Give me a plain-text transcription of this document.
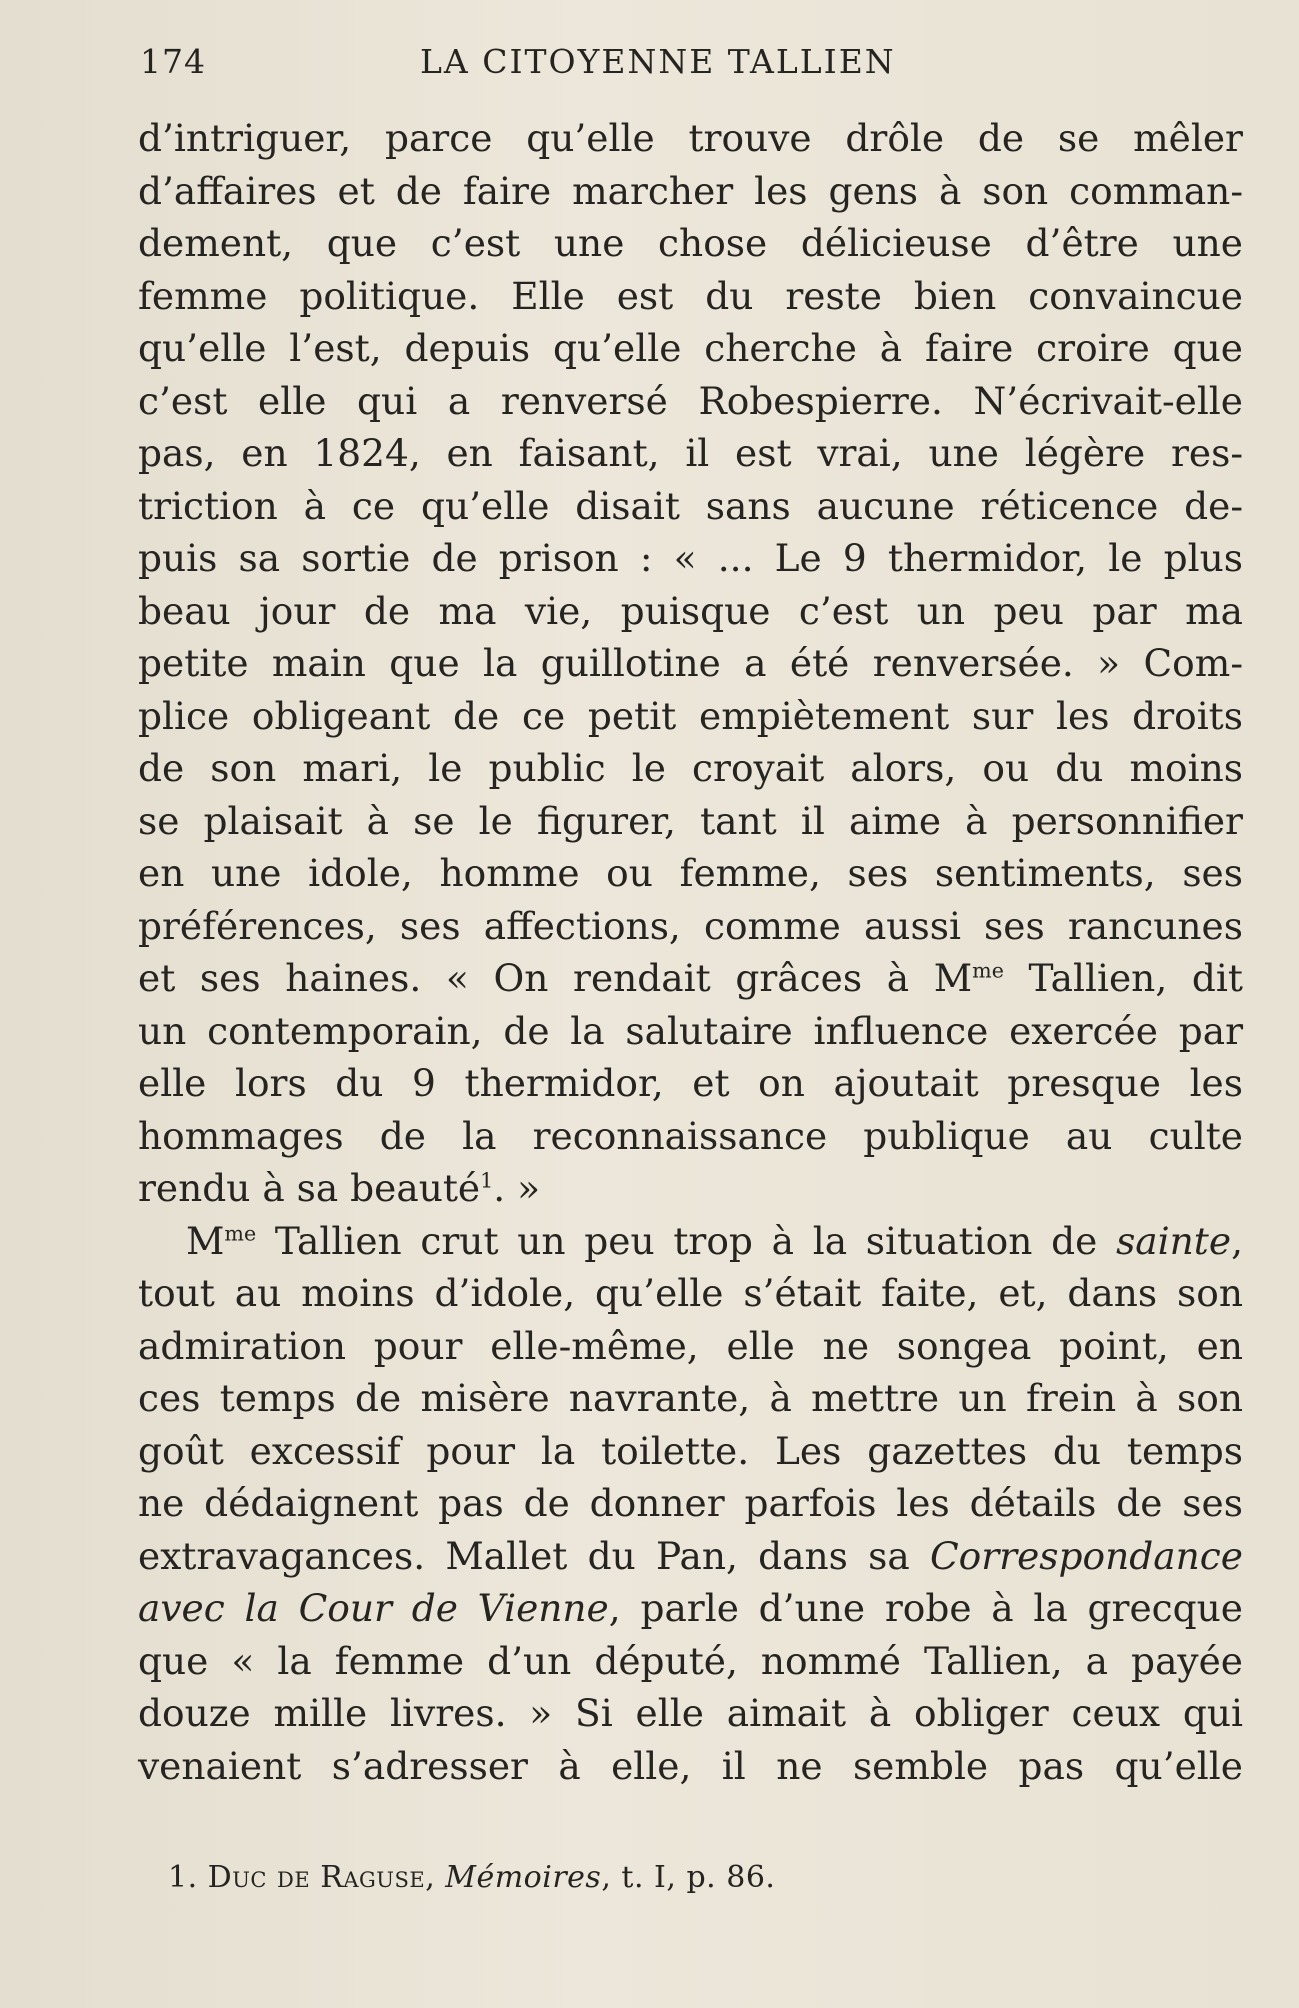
174	LA CITOYENNE TALLIEN
d’intriguer, parce qu’elle trouve drôle de se mêler
d’affaires et de faire marcher les gens à son comman-
dement, que c’est une chose délicieuse d’être une
femme politique. Elle est du reste bien convaincue
qu’elle l’est, depuis qu’elle cherche à faire croire que
c’est elle qui a renversé Robespierre. N’écrivait-elle
pas, en 1824, en faisant, il est vrai, une légère res-
triction à ce qu’elle disait sans aucune réticence de-
puis sa sortie de prison : « ... Le 9 thermidor, le plus
beau jour de ma vie, puisque c’est un peu par ma
petite main que la guillotine a été renversée. » Com-
plice obligeant de ce petit empiètement sur les droits
de son mari, le public le croyait alors, ou du moins
se plaisait à se le figurer, tant il aime à personnifier
en une idole, homme ou femme, ses sentiments, ses
préférences, ses affections, comme aussi ses rancunes
et ses haines. « On rendait grâces à $M^{me}$ Tallien, dit
un contemporain, de la salutaire influence exercée par
elle lors du 9 thermidor, et on ajoutait presque les
hommages de la reconnaissance publique au culte
rendu à sa beauté$^1$. »
$M^{me}$ Tallien crut un peu trop à la situation de sainte,
tout au moins d’idole, qu’elle s’était faite, et, dans son
admiration pour elle-même, elle ne songea point, en
ces temps de misère navrante, à mettre un frein à son
goût excessif pour la toilette. Les gazettes du temps
ne dédaignent pas de donner parfois les détails de ses
extravagances. Mallet du Pan, dans sa Correspondance
avec la Cour de Vienne, parle d’une robe à la grecque
que « la femme d’un député, nommé Tallien, a payée
douze mille livres. » Si elle aimait à obliger ceux qui
venaient s’adresser à elle, il ne semble pas qu’elle
1. Duc de Raguse, Mémoires, t. I, p. 86.
